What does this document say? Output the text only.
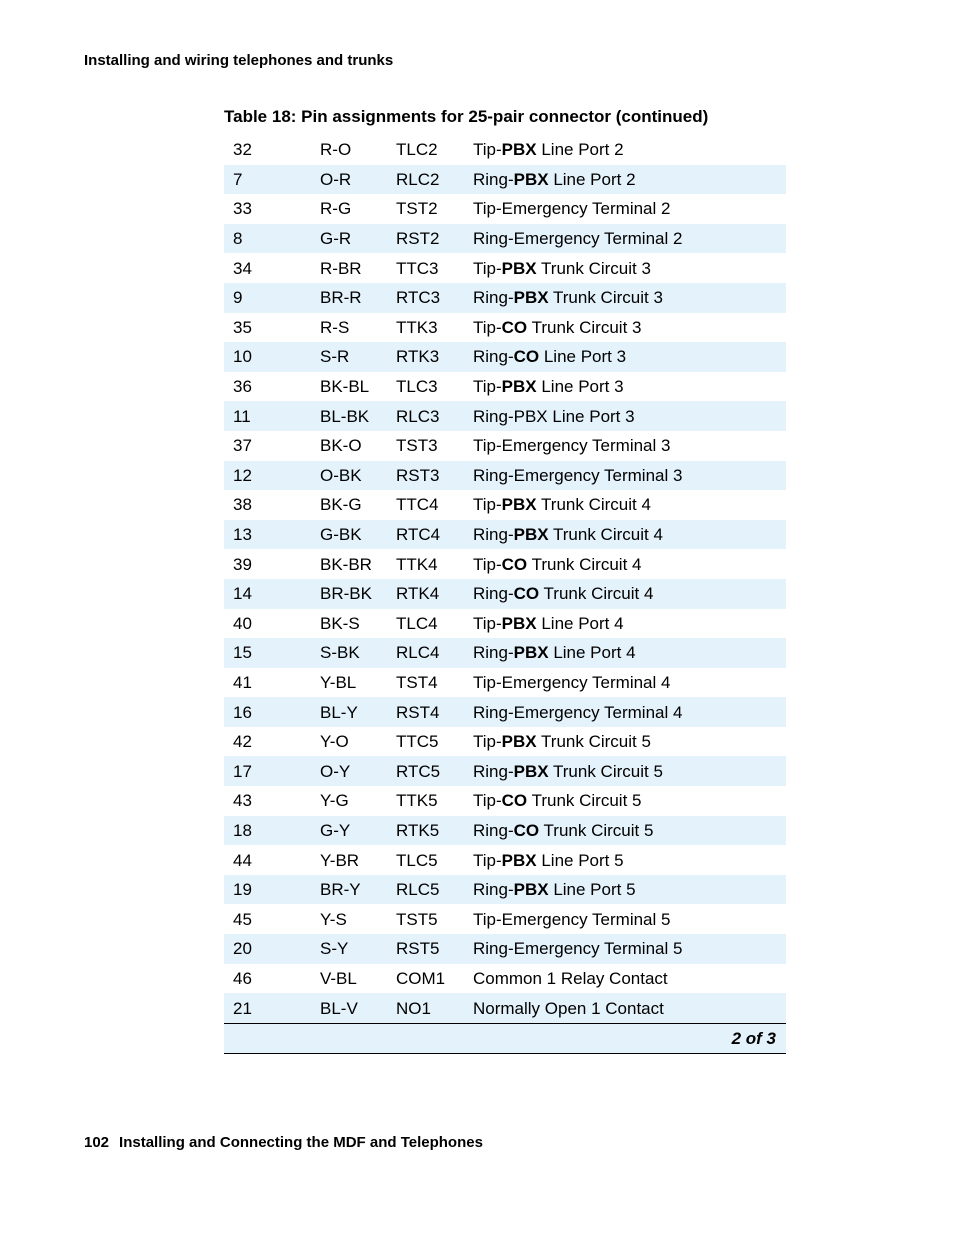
Installing and wiring telephones and trunks
Table 18: Pin assignments for 25-pair connector (continued)
32	R-O	TLC2	Tip-PBX Line Port 2
7	O-R	RLC2	Ring-PBX Line Port 2
33	R-G	TST2	Tip-Emergency Terminal 2
8	G-R	RST2	Ring-Emergency Terminal 2
34	R-BR	TTC3	Tip-PBX Trunk Circuit 3
9	BR-R	RTC3	Ring-PBX Trunk Circuit 3
35	R-S	TTK3	Tip-CO Trunk Circuit 3
10	S-R	RTK3	Ring-CO Line Port 3
36	BK-BL	TLC3	Tip-PBX Line Port 3
11	BL-BK	RLC3	Ring-PBX Line Port 3
37	BK-O	TST3	Tip-Emergency Terminal 3
12	O-BK	RST3	Ring-Emergency Terminal 3
38	BK-G	TTC4	Tip-PBX Trunk Circuit 4
13	G-BK	RTC4	Ring-PBX Trunk Circuit 4
39	BK-BR	TTK4	Tip-CO Trunk Circuit 4
14	BR-BK	RTK4	Ring-CO Trunk Circuit 4
40	BK-S	TLC4	Tip-PBX Line Port 4
15	S-BK	RLC4	Ring-PBX Line Port 4
41	Y-BL	TST4	Tip-Emergency Terminal 4
16	BL-Y	RST4	Ring-Emergency Terminal 4
42	Y-O	TTC5	Tip-PBX Trunk Circuit 5
17	O-Y	RTC5	Ring-PBX Trunk Circuit 5
43	Y-G	TTK5	Tip-CO Trunk Circuit 5
18	G-Y	RTK5	Ring-CO Trunk Circuit 5
44	Y-BR	TLC5	Tip-PBX Line Port 5
19	BR-Y	RLC5	Ring-PBX Line Port 5
45	Y-S	TST5	Tip-Emergency Terminal 5
20	S-Y	RST5	Ring-Emergency Terminal 5
46	V-BL	COM1	Common 1 Relay Contact
21	BL-V	NO1	Normally Open 1 Contact
2 of 3			
102 Installing and Connecting the MDF and Telephones
